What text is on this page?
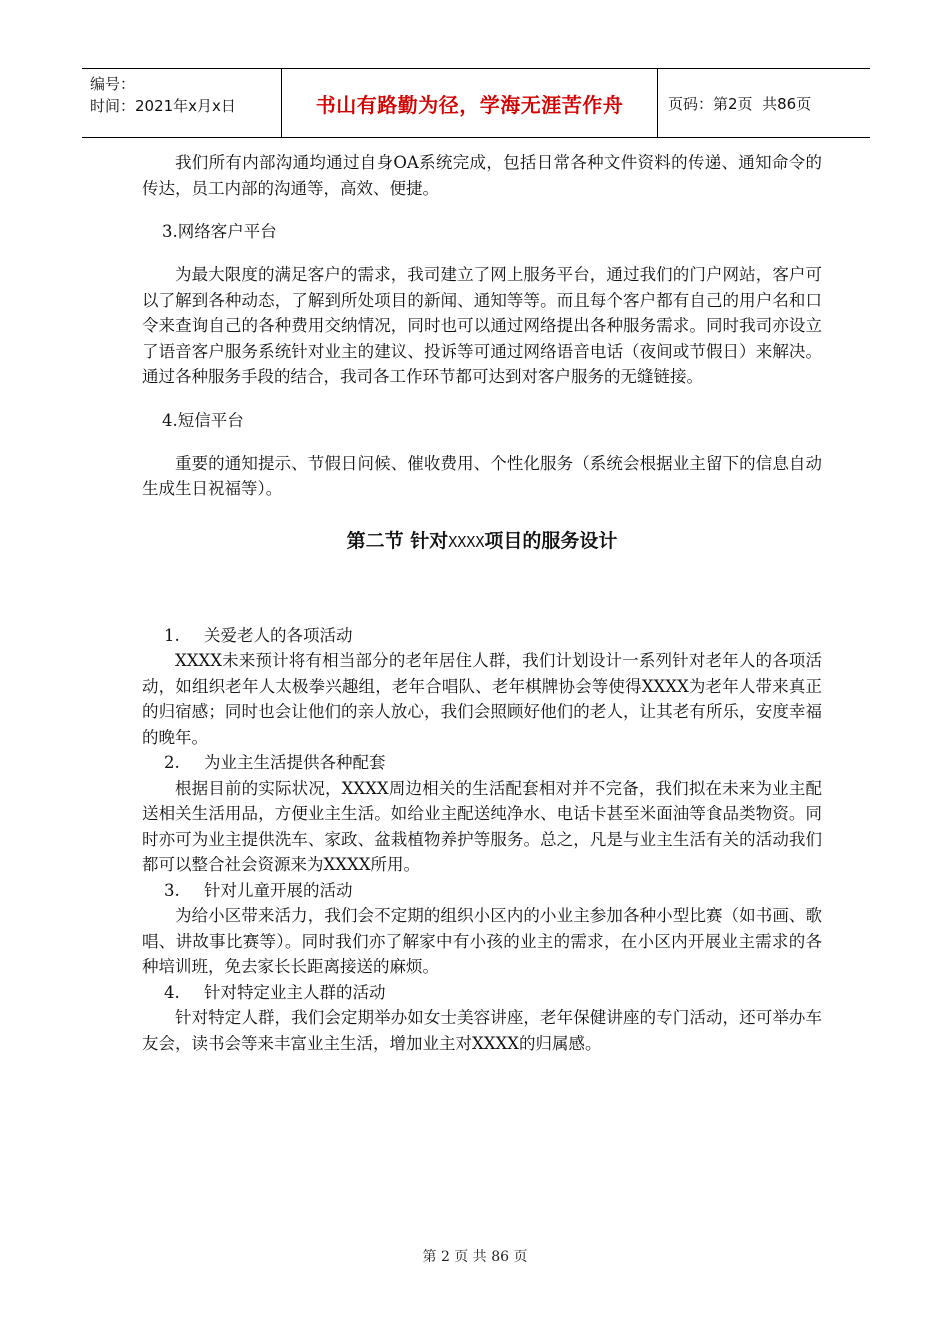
编号：
时间：2021年x月x日	书山有路勤为径，学海无涯苦作舟	页码：第2页  共86页

我们所有内部沟通均通过自身OA系统完成，包括日常各种文件资料的传递、通知命令的传达，员工内部的沟通等，高效、便捷。

3.网络客户平台

为最大限度的满足客户的需求，我司建立了网上服务平台，通过我们的门户网站，客户可以了解到各种动态，了解到所处项目的新闻、通知等等。而且每个客户都有自己的用户名和口令来查询自己的各种费用交纳情况，同时也可以通过网络提出各种服务需求。同时我司亦设立了语音客户服务系统针对业主的建议、投诉等可通过网络语音电话（夜间或节假日）来解决。通过各种服务手段的结合，我司各工作环节都可达到对客户服务的无缝链接。

4.短信平台

重要的通知提示、节假日问候、催收费用、个性化服务（系统会根据业主留下的信息自动生成生日祝福等）。

第二节 针对XXXX项目的服务设计

1. 关爱老人的各项活动

XXXX未来预计将有相当部分的老年居住人群，我们计划设计一系列针对老年人的各项活动，如组织老年人太极拳兴趣组，老年合唱队、老年棋牌协会等使得XXXX为老年人带来真正的归宿感；同时也会让他们的亲人放心，我们会照顾好他们的老人，让其老有所乐，安度幸福的晚年。

2. 为业主生活提供各种配套

根据目前的实际状况，XXXX周边相关的生活配套相对并不完备，我们拟在未来为业主配送相关生活用品，方便业主生活。如给业主配送纯净水、电话卡甚至米面油等食品类物资。同时亦可为业主提供洗车、家政、盆栽植物养护等服务。总之，凡是与业主生活有关的活动我们都可以整合社会资源来为XXXX所用。

3. 针对儿童开展的活动

为给小区带来活力，我们会不定期的组织小区内的小业主参加各种小型比赛（如书画、歌唱、讲故事比赛等）。同时我们亦了解家中有小孩的业主的需求，在小区内开展业主需求的各种培训班，免去家长长距离接送的麻烦。

4. 针对特定业主人群的活动

针对特定人群，我们会定期举办如女士美容讲座，老年保健讲座的专门活动，还可举办车友会，读书会等来丰富业主生活，增加业主对XXXX的归属感。

第 2 页 共 86 页
